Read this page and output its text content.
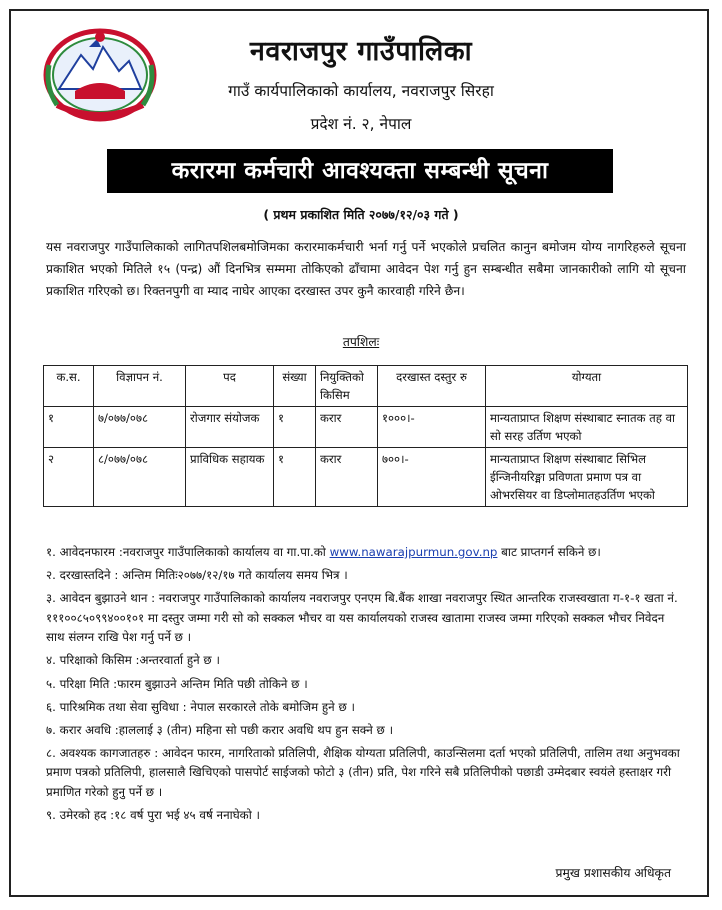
नवराजपुर गाउँपालिका
गाउँ कार्यपालिकाको कार्यालय, नवराजपुर सिरहा
प्रदेश नं. २, नेपाल
करारमा कर्मचारी आवश्यक्ता सम्बन्धी सूचना
( प्रथम प्रकाशित मिति २०७७/१२/०३ गते )

यस नवराजपुर गाउँपालिकाको लागितपशिलबमोजिमका करारमाकर्मचारी भर्ना गर्नु पर्ने भएकोले प्रचलित कानुन बमोजम योग्य नागरिहरुले सूचना प्रकाशित भएको मितिले १५ (पन्द्र) औं दिनभित्र सम्ममा तोकिएको ढाँचामा आवेदन पेश गर्नु हुन सम्बन्धीत सबैमा जानकारीको लागि यो सूचना प्रकाशित गरिएको छ। रिक्तनपुगी वा म्याद नाघेर आएका दरखास्त उपर कुनै कारवाही गरिने छैन।

तपशिलः
क.स.	विज्ञापन नं.	पद	संख्या	नियुक्तिको किसिम	दरखास्त दस्तुर रु	योग्यता
१	७/०७७/०७८	रोजगार संयोजक	१	करार	१०००।-	मान्यताप्राप्त शिक्षण संस्थाबाट स्नातक तह वा सो सरह उर्तिण भएको
२	८/०७७/०७८	प्राविधिक सहायक	१	करार	७००।-	मान्यताप्राप्त शिक्षण संस्थाबाट सिभिल ईन्जिनीयरिङ्मा प्रविणता प्रमाण पत्र वा ओभरसियर वा डिप्लोमातहउर्तिण भएको
१. आवेदनफारम :नवराजपुर गाउँपालिकाको कार्यालय वा गा.पा.को www.nawarajpurmun.gov.np बाट प्राप्तगर्न सकिने छ।
२. दरखास्तदिने : अन्तिम मितिः२०७७/१२/१७ गते कार्यालय समय भित्र ।
३. आवेदन बुझाउने थान : नवराजपुर गाउँपालिकाको कार्यालय नवराजपुर एनएम बि.बैंक शाखा नवराजपुर स्थित आन्तरिक राजस्वखाता ग-१-१ खता नं. १११००८५०९९४००१०१ मा दस्तुर जम्मा गरी सो को सक्कल भौचर वा यस कार्यालयको राजस्व खातामा राजस्व जम्मा गरिएको सक्कल भौचर निवेदन साथ संलग्न राखि पेश गर्नु पर्ने छ ।
४. परिक्षाको किसिम :अन्तरवार्ता हुने छ ।
५. परिक्षा मिति :फारम बुझाउने अन्तिम मिति पछी तोकिने छ ।
६. पारिश्रमिक तथा सेवा सुविधा : नेपाल सरकारले तोके बमोजिम हुने छ ।
७. करार अवधि :हाललाई ३ (तीन) महिना सो पछी करार अवधि थप हुन सक्ने छ ।
८. अवश्यक कागजातहरु : आवेदन फारम, नागरिताको प्रतिलिपी, शैक्षिक योग्यता प्रतिलिपी, काउन्सिलमा दर्ता भएको प्रतिलिपी, तालिम तथा अनुभवका प्रमाण पत्रको प्रतिलिपी, हालसालै खिचिएको पासपोर्ट साईजको फोटो ३ (तीन) प्रति, पेश गरिने सबै प्रतिलिपीको पछाडी उम्मेदबार स्वयंले हस्ताक्षर गरी प्रमाणित गरेको हुनु पर्ने छ ।
९. उमेरको हद :१८ वर्ष पुरा भई ४५ वर्ष ननाघेको ।
प्रमुख प्रशासकीय अधिकृत
